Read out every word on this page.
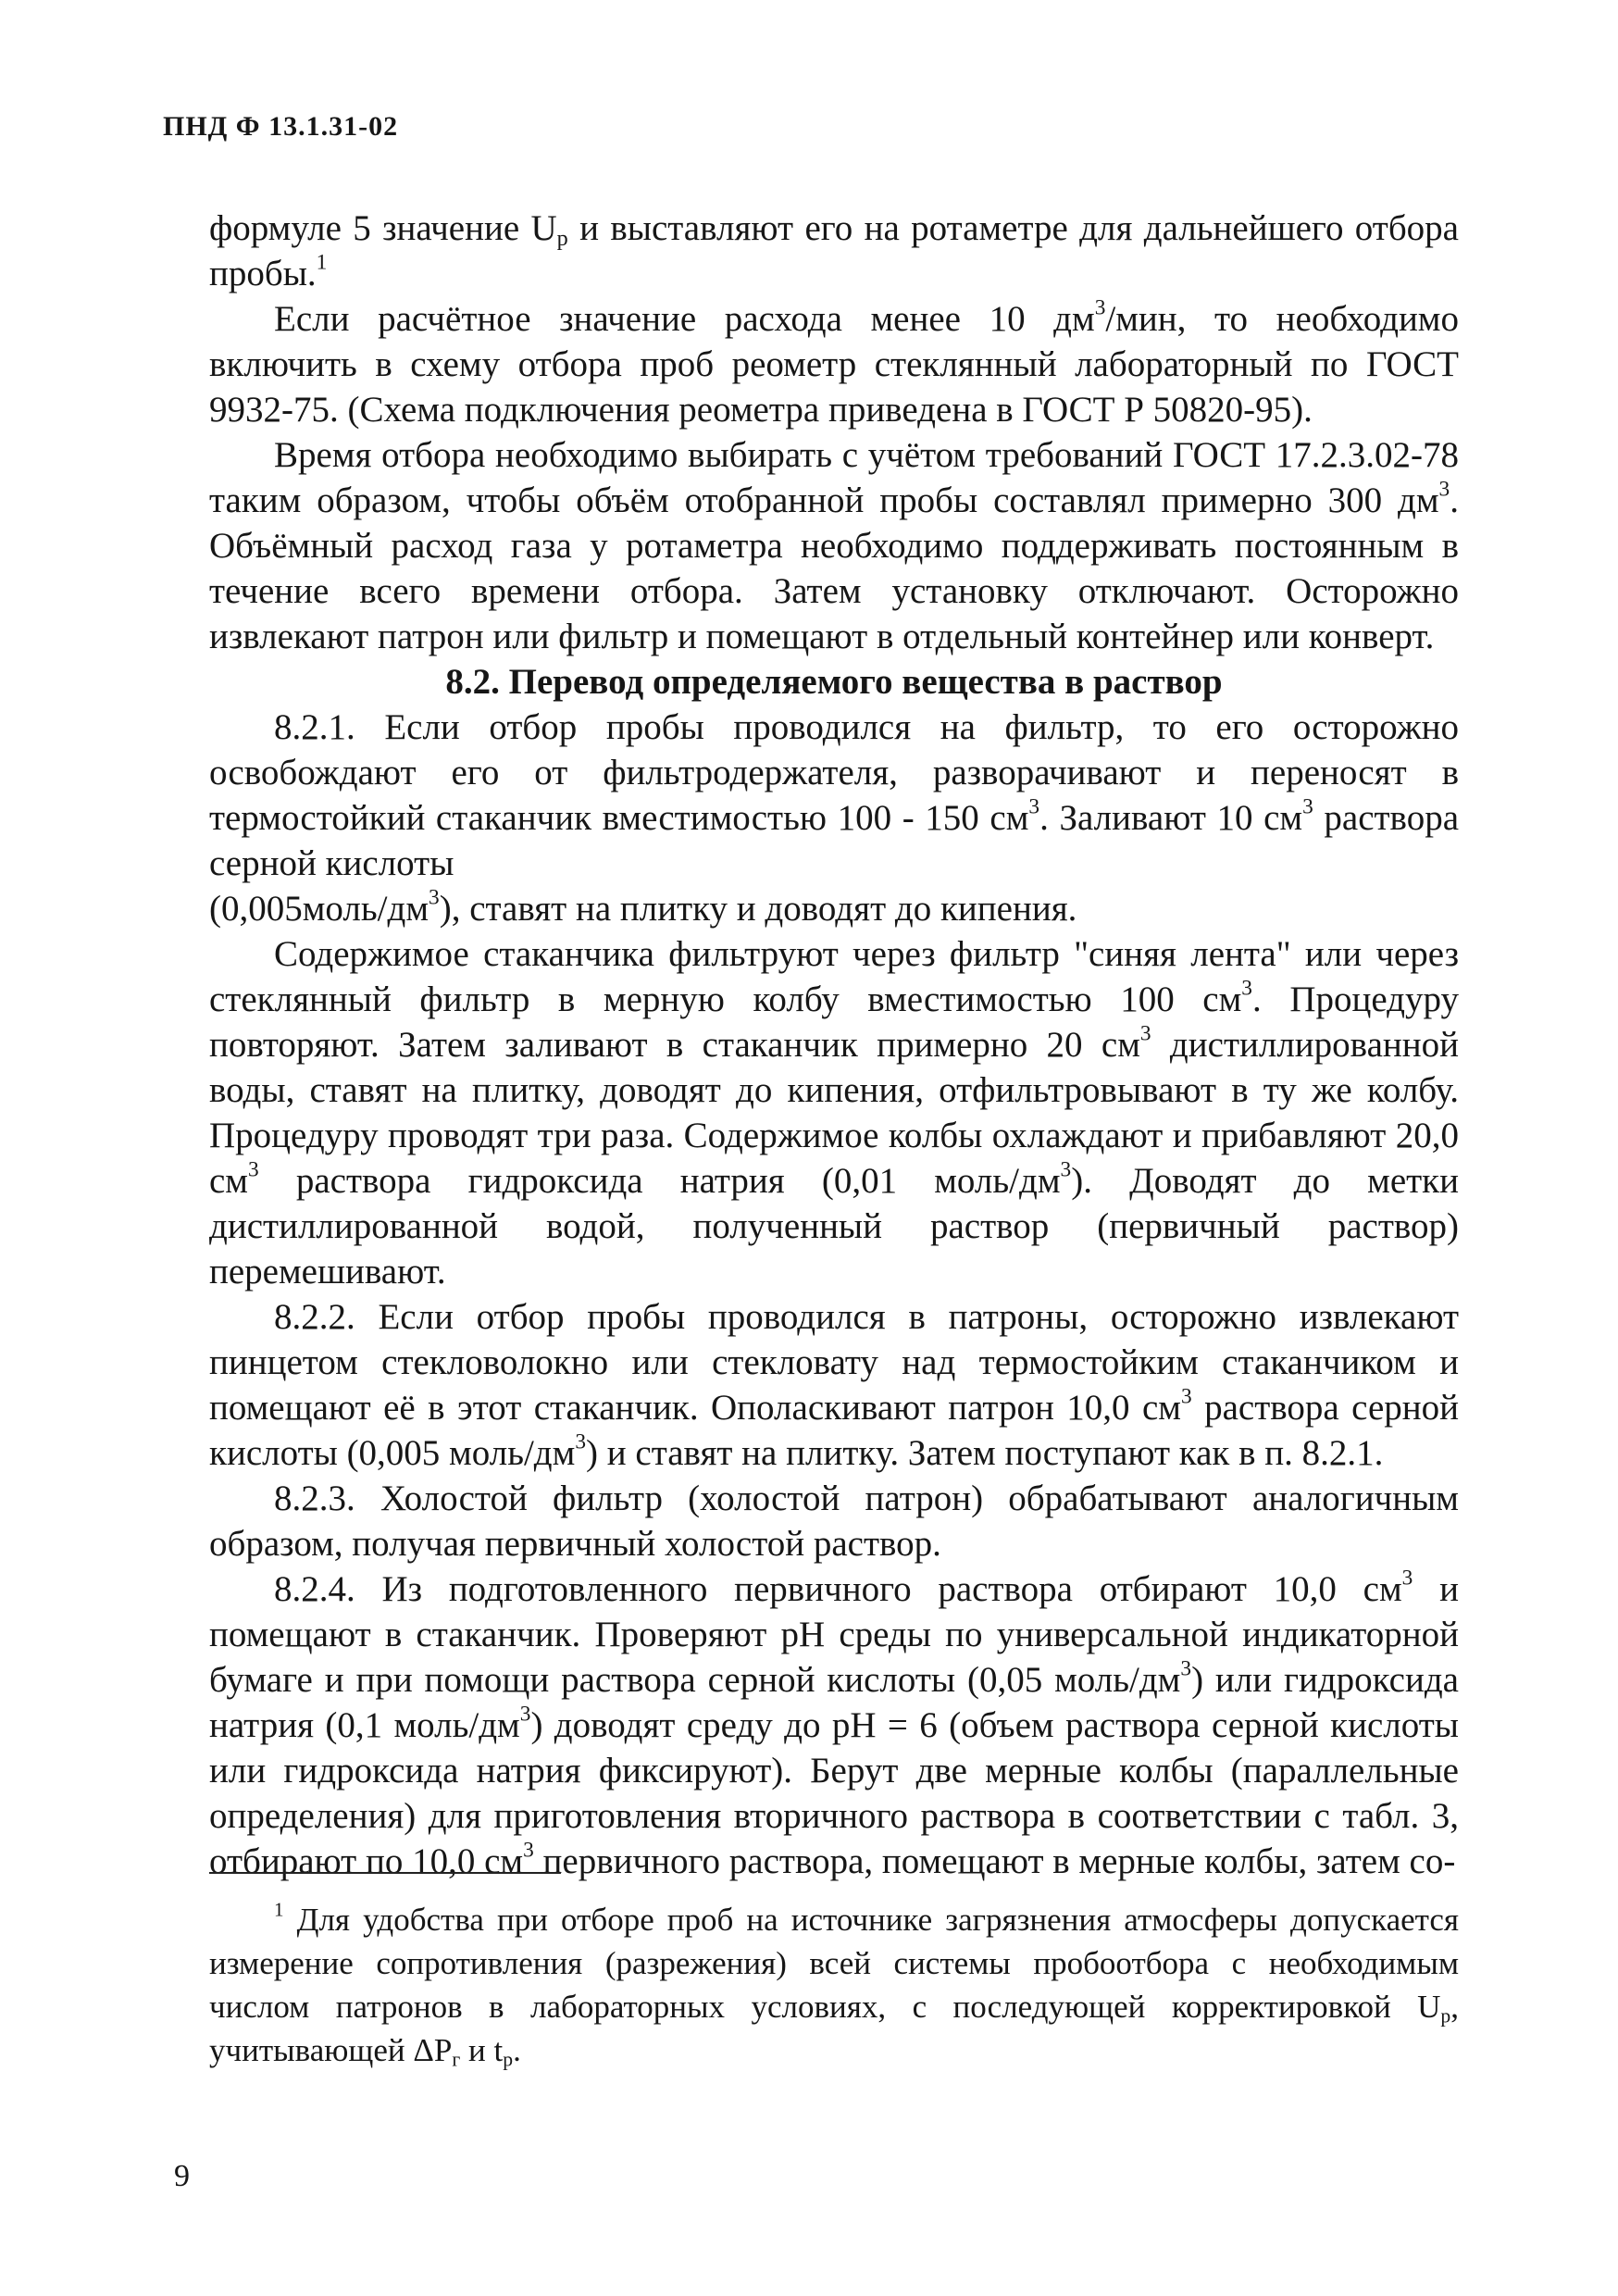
ПНД Ф 13.1.31-02

формуле 5 значение $U_p$ и выставляют его на ротаметре для дальнейшего отбора пробы.$^1$

Если расчётное значение расхода менее 10 $дм^3$/мин, то необходимо включить в схему отбора проб реометр стеклянный лабораторный по ГОСТ 9932-75. (Схема подключения реометра приведена в ГОСТ Р 50820-95).

Время отбора необходимо выбирать с учётом требований ГОСТ 17.2.3.02-78 таким образом, чтобы объём отобранной пробы составлял примерно 300 $дм^3$. Объёмный расход газа у ротаметра необходимо поддерживать постоянным в течение всего времени отбора. Затем установку отключают. Осторожно извлекают патрон или фильтр и помещают в отдельный контейнер или конверт.

8.2. Перевод определяемого вещества в раствор

8.2.1. Если отбор пробы проводился на фильтр, то его осторожно освобождают его от фильтродержателя, разворачивают и переносят в термостойкий стаканчик вместимостью 100 - 150 $см^3$. Заливают 10 $см^3$ раствора серной кислоты

$(0,005моль/дм^3)$, ставят на плитку и доводят до кипения.

Содержимое стаканчика фильтруют через фильтр "синяя лента" или через стеклянный фильтр в мерную колбу вместимостью 100 $см^3$. Процедуру повторяют. Затем заливают в стаканчик примерно 20 $см^3$ дистиллированной воды, ставят на плитку, доводят до кипения, отфильтровывают в ту же колбу. Процедуру проводят три раза. Содержимое колбы охлаждают и прибавляют 20,0 $см^3$ раствора гидроксида натрия (0,01 моль/$дм^3$). Доводят до метки дистиллированной водой, полученный раствор (первичный раствор) перемешивают.

8.2.2. Если отбор пробы проводился в патроны, осторожно извлекают пинцетом стекловолокно или стекловату над термостойким стаканчиком и помещают её в этот стаканчик. Ополаскивают патрон 10,0 $см^3$ раствора серной кислоты (0,005 моль/$дм^3$) и ставят на плитку. Затем поступают как в п. 8.2.1.

8.2.3. Холостой фильтр (холостой патрон) обрабатывают аналогичным образом, получая первичный холостой раствор.

8.2.4. Из подготовленного первичного раствора отбирают 10,0 $см^3$ и помещают в стаканчик. Проверяют pH среды по универсальной индикаторной бумаге и при помощи раствора серной кислоты (0,05 моль/$дм^3$) или гидроксида натрия (0,1 моль/$дм^3$) доводят среду до pH = 6 (объем раствора серной кислоты или гидроксида натрия фиксируют). Берут две мерные колбы (параллельные определения) для приготовления вторичного раствора в соответствии с табл. 3, отбирают по 10,0 $см^3$ первичного раствора, помещают в мерные колбы, затем со-

$^1$ Для удобства при отборе проб на источнике загрязнения атмосферы допускается измерение сопротивления (разрежения) всей системы пробоотбора с необходимым числом патронов в лабораторных условиях, с последующей корректировкой $U_p$, учитывающей $\Delta P_г$ и $t_p$.
9
